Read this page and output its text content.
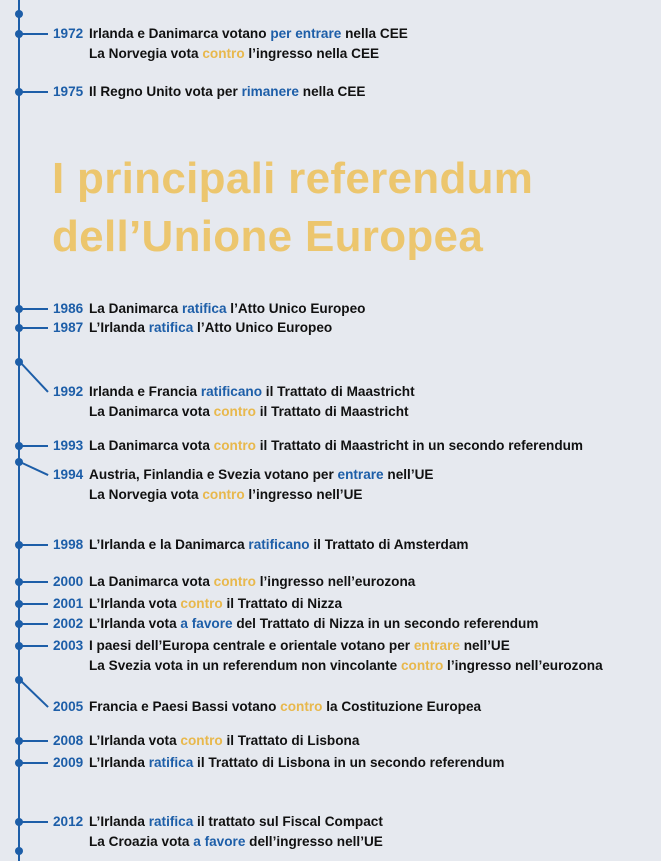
I principali referendum
dell’Unione Europea
1972 Irlanda e Danimarca votano per entrare nella CEE
La Norvegia vota contro l’ingresso nella CEE
1975 Il Regno Unito vota per rimanere nella CEE
1986 La Danimarca ratifica l’Atto Unico Europeo
1987 L’Irlanda ratifica l’Atto Unico Europeo
1992 Irlanda e Francia ratificano il Trattato di Maastricht
La Danimarca vota contro il Trattato di Maastricht
1993 La Danimarca vota contro il Trattato di Maastricht in un secondo referendum
1994 Austria, Finlandia e Svezia votano per entrare nell’UE
La Norvegia vota contro l’ingresso nell’UE
1998 L’Irlanda e la Danimarca ratificano il Trattato di Amsterdam
2000 La Danimarca vota contro l’ingresso nell’eurozona
2001 L’Irlanda vota contro il Trattato di Nizza
2002 L’Irlanda vota a favore del Trattato di Nizza in un secondo referendum
2003 I paesi dell’Europa centrale e orientale votano per entrare nell’UE
La Svezia vota in un referendum non vincolante contro l’ingresso nell’eurozona
2005 Francia e Paesi Bassi votano contro la Costituzione Europea
2008 L’Irlanda vota contro il Trattato di Lisbona
2009 L’Irlanda ratifica il Trattato di Lisbona in un secondo referendum
2012 L’Irlanda ratifica il trattato sul Fiscal Compact
La Croazia vota a favore dell’ingresso nell’UE
